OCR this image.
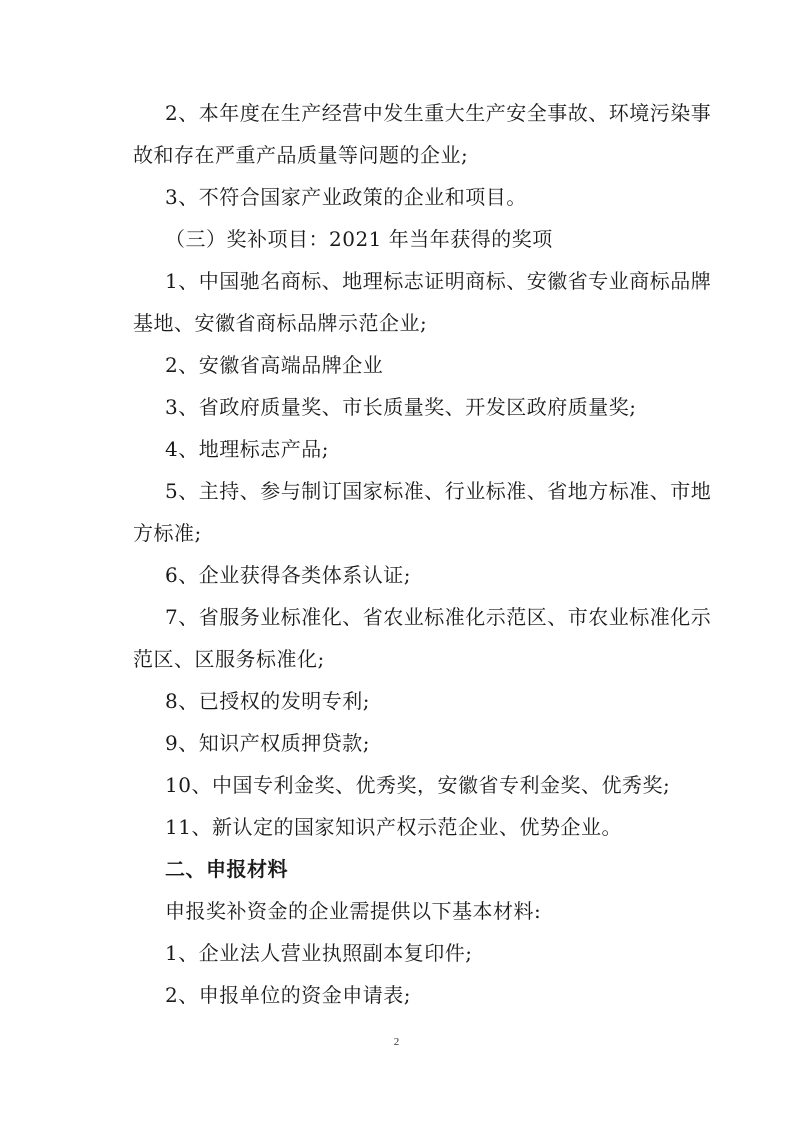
2、本年度在生产经营中发生重大生产安全事故、环境污染事
故和存在严重产品质量等问题的企业;
3、不符合国家产业政策的企业和项目。
（三）奖补项目：2021 年当年获得的奖项
1、中国驰名商标、地理标志证明商标、安徽省专业商标品牌
基地、安徽省商标品牌示范企业;
2、安徽省高端品牌企业
3、省政府质量奖、市长质量奖、开发区政府质量奖;
4、地理标志产品;
5、主持、参与制订国家标准、行业标准、省地方标准、市地
方标准;
6、企业获得各类体系认证;
7、省服务业标准化、省农业标准化示范区、市农业标准化示
范区、区服务标准化;
8、已授权的发明专利;
9、知识产权质押贷款;
10、中国专利金奖、优秀奖，安徽省专利金奖、优秀奖;
11、新认定的国家知识产权示范企业、优势企业。
二、申报材料
申报奖补资金的企业需提供以下基本材料:
1、企业法人营业执照副本复印件;
2、申报单位的资金申请表;
2
